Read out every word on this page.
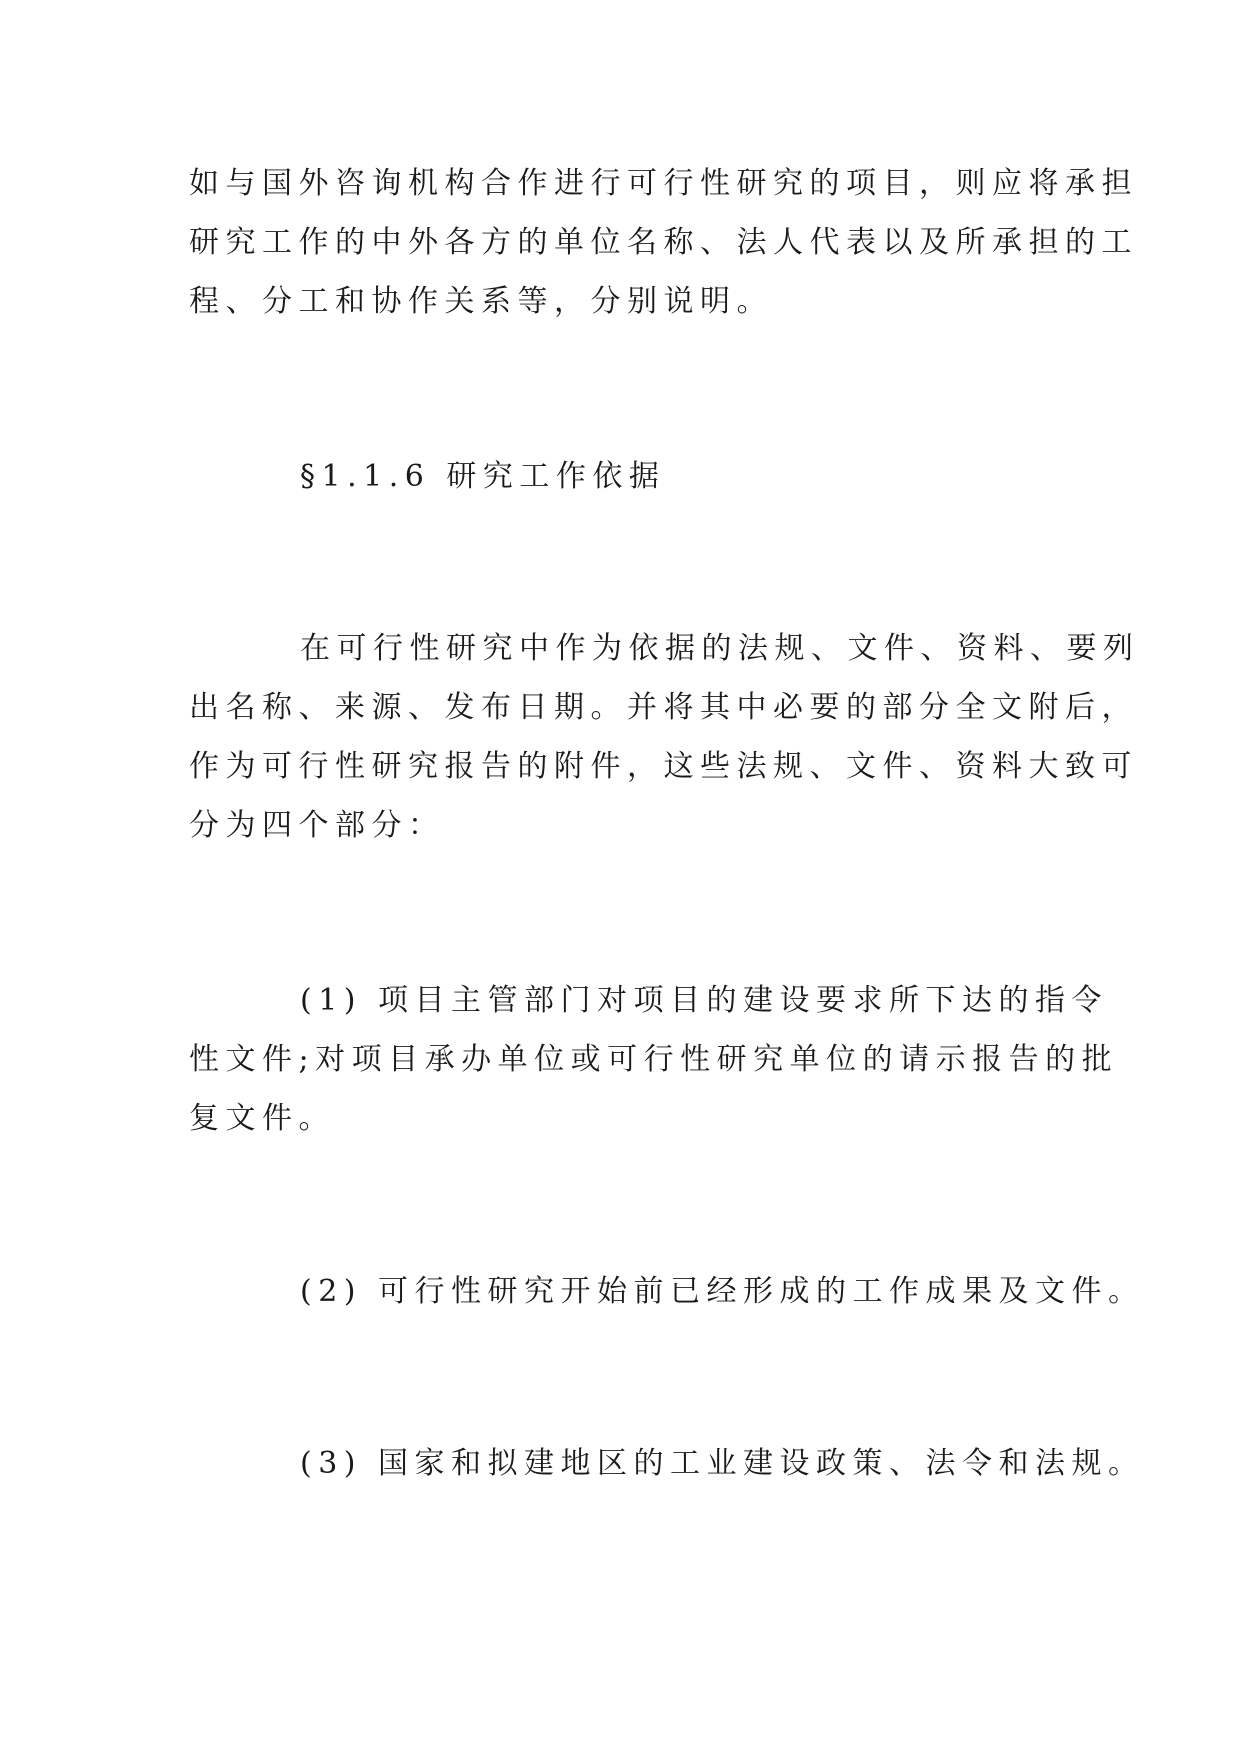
如与国外咨询机构合作进行可行性研究的项目，则应将承担

研究工作的中外各方的单位名称、法人代表以及所承担的工

程、分工和协作关系等，分别说明。

§1.1.6 研究工作依据

在可行性研究中作为依据的法规、文件、资料、要列

出名称、来源、发布日期。并将其中必要的部分全文附后，

作为可行性研究报告的附件，这些法规、文件、资料大致可

分为四个部分：

(1) 项目主管部门对项目的建设要求所下达的指令

性文件;对项目承办单位或可行性研究单位的请示报告的批

复文件。

(2) 可行性研究开始前已经形成的工作成果及文件。

(3) 国家和拟建地区的工业建设政策、法令和法规。
